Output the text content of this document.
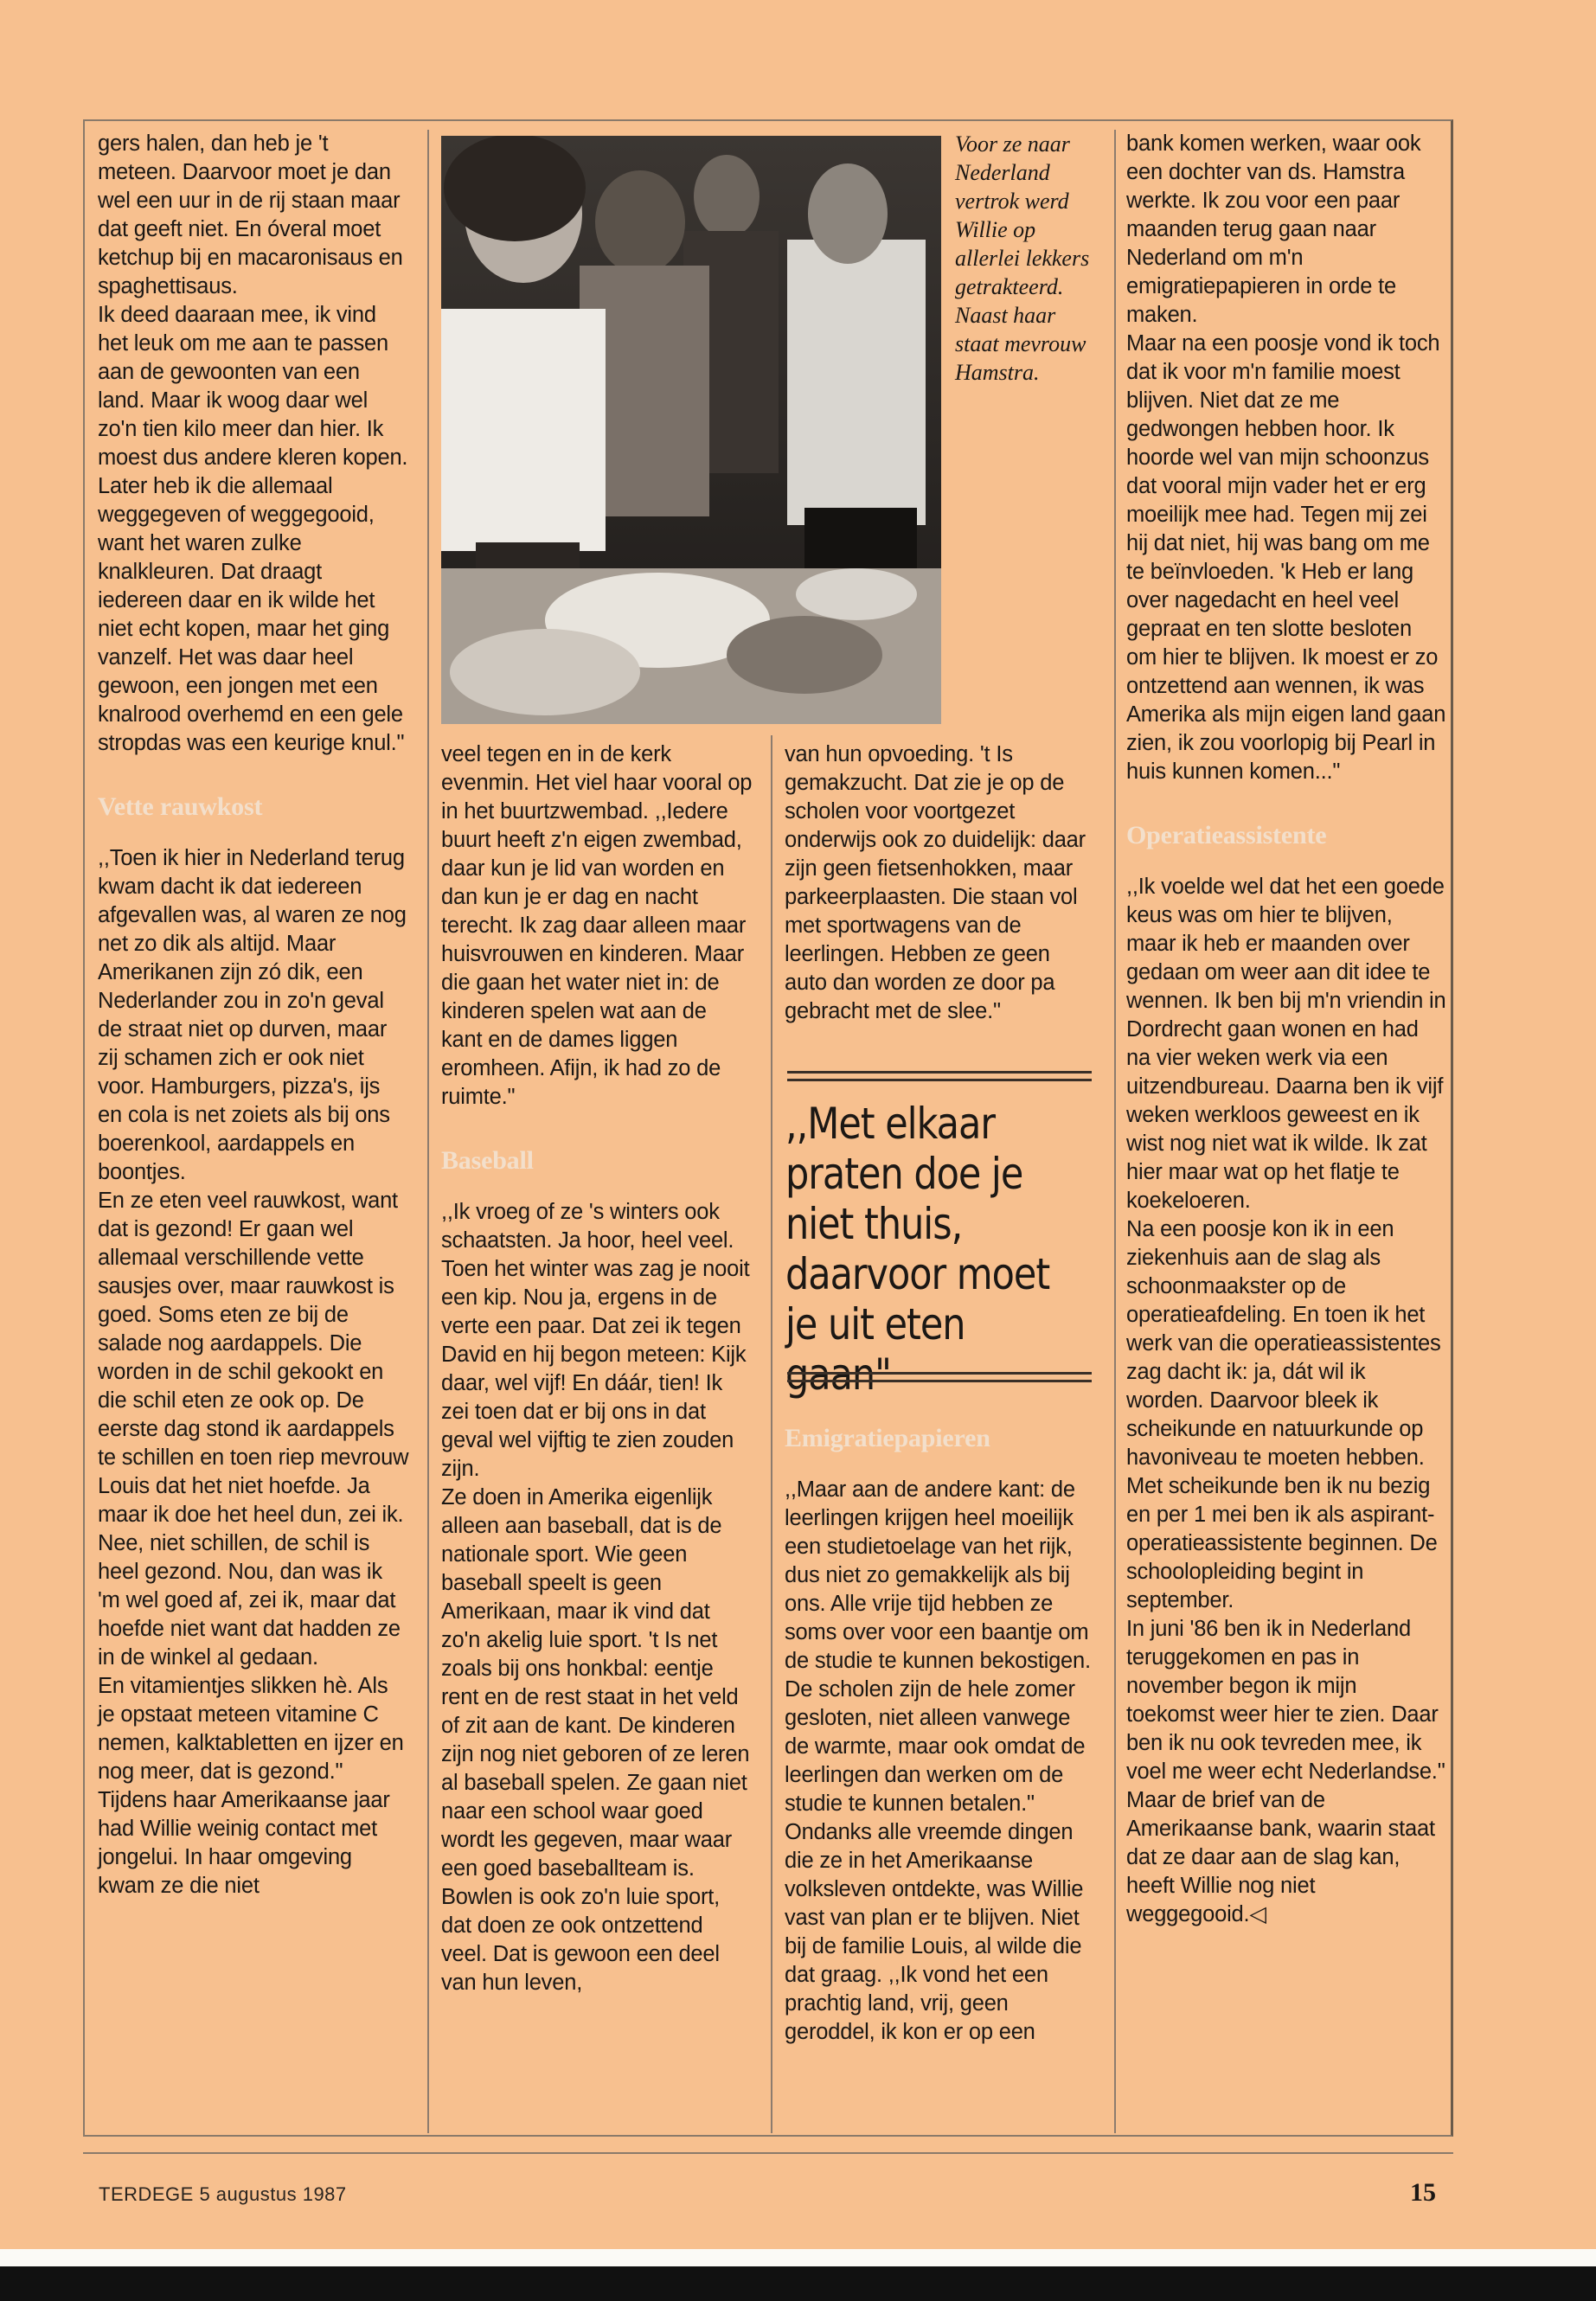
gers halen, dan heb je 't meteen. Daarvoor moet je dan wel een uur in de rij staan maar dat geeft niet. En óveral moet ketchup bij en macaronisaus en spaghettisaus.

Ik deed daaraan mee, ik vind het leuk om me aan te passen aan de gewoonten van een land. Maar ik woog daar wel zo'n tien kilo meer dan hier. Ik moest dus andere kleren kopen. Later heb ik die allemaal weggegeven of weggegooid, want het waren zulke knalkleuren. Dat draagt iedereen daar en ik wilde het niet echt kopen, maar het ging vanzelf. Het was daar heel gewoon, een jongen met een knalrood overhemd en een gele stropdas was een keurige knul."

Vette rauwkost

,,Toen ik hier in Nederland terug kwam dacht ik dat iedereen afgevallen was, al waren ze nog net zo dik als altijd. Maar Amerikanen zijn zó dik, een Nederlander zou in zo'n geval de straat niet op durven, maar zij schamen zich er ook niet voor. Hamburgers, pizza's, ijs en cola is net zoiets als bij ons boerenkool, aardappels en boontjes.

En ze eten veel rauwkost, want dat is gezond! Er gaan wel allemaal verschillende vette sausjes over, maar rauwkost is goed. Soms eten ze bij de salade nog aardappels. Die worden in de schil gekookt en die schil eten ze ook op. De eerste dag stond ik aardappels te schillen en toen riep mevrouw Louis dat het niet hoefde. Ja maar ik doe het heel dun, zei ik. Nee, niet schillen, de schil is heel gezond. Nou, dan was ik 'm wel goed af, zei ik, maar dat hoefde niet want dat hadden ze in de winkel al gedaan.

En vitamientjes slikken hè. Als je opstaat meteen vitamine C nemen, kalktabletten en ijzer en nog meer, dat is gezond."

Tijdens haar Amerikaanse jaar had Willie weinig contact met jongelui. In haar omgeving kwam ze die niet

Voor ze naar Nederland vertrok werd Willie op allerlei lekkers getrakteerd. Naast haar staat mevrouw Hamstra.

veel tegen en in de kerk evenmin. Het viel haar vooral op in het buurtzwembad. ,,Iedere buurt heeft z'n eigen zwembad, daar kun je lid van worden en dan kun je er dag en nacht terecht. Ik zag daar alleen maar huisvrouwen en kinderen. Maar die gaan het water niet in: de kinderen spelen wat aan de kant en de dames liggen eromheen. Afijn, ik had zo de ruimte."

Baseball

,,Ik vroeg of ze 's winters ook schaatsten. Ja hoor, heel veel. Toen het winter was zag je nooit een kip. Nou ja, ergens in de verte een paar. Dat zei ik tegen David en hij begon meteen: Kijk daar, wel vijf! En dáár, tien! Ik zei toen dat er bij ons in dat geval wel vijftig te zien zouden zijn.

Ze doen in Amerika eigenlijk alleen aan baseball, dat is de nationale sport. Wie geen baseball speelt is geen Amerikaan, maar ik vind dat zo'n akelig luie sport. 't Is net zoals bij ons honkbal: eentje rent en de rest staat in het veld of zit aan de kant. De kinderen zijn nog niet geboren of ze leren al baseball spelen. Ze gaan niet naar een school waar goed wordt les gegeven, maar waar een goed baseballteam is.

Bowlen is ook zo'n luie sport, dat doen ze ook ontzettend veel. Dat is gewoon een deel van hun leven,

van hun opvoeding. 't Is gemakzucht. Dat zie je op de scholen voor voortgezet onderwijs ook zo duidelijk: daar zijn geen fietsenhokken, maar parkeerplaasten. Die staan vol met sportwagens van de leerlingen. Hebben ze geen auto dan worden ze door pa gebracht met de slee."

,,Met elkaar praten doe je niet thuis, daarvoor moet je uit eten gaan"

Emigratiepapieren

,,Maar aan de andere kant: de leerlingen krijgen heel moeilijk een studietoelage van het rijk, dus niet zo gemakkelijk als bij ons. Alle vrije tijd hebben ze soms over voor een baantje om de studie te kunnen bekostigen. De scholen zijn de hele zomer gesloten, niet alleen vanwege de warmte, maar ook omdat de leerlingen dan werken om de studie te kunnen betalen."

Ondanks alle vreemde dingen die ze in het Amerikaanse volksleven ontdekte, was Willie vast van plan er te blijven. Niet bij de familie Louis, al wilde die dat graag. ,,Ik vond het een prachtig land, vrij, geen geroddel, ik kon er op een

bank komen werken, waar ook een dochter van ds. Hamstra werkte. Ik zou voor een paar maanden terug gaan naar Nederland om m'n emigratiepapieren in orde te maken.

Maar na een poosje vond ik toch dat ik voor m'n familie moest blijven. Niet dat ze me gedwongen hebben hoor. Ik hoorde wel van mijn schoonzus dat vooral mijn vader het er erg moeilijk mee had. Tegen mij zei hij dat niet, hij was bang om me te beïnvloeden. 'k Heb er lang over nagedacht en heel veel gepraat en ten slotte besloten om hier te blijven. Ik moest er zo ontzettend aan wennen, ik was Amerika als mijn eigen land gaan zien, ik zou voorlopig bij Pearl in huis kunnen komen..."

Operatieassistente

,,Ik voelde wel dat het een goede keus was om hier te blijven, maar ik heb er maanden over gedaan om weer aan dit idee te wennen. Ik ben bij m'n vriendin in Dordrecht gaan wonen en had na vier weken werk via een uitzendbureau. Daarna ben ik vijf weken werkloos geweest en ik wist nog niet wat ik wilde. Ik zat hier maar wat op het flatje te koekeloeren.

Na een poosje kon ik in een ziekenhuis aan de slag als schoonmaakster op de operatieafdeling. En toen ik het werk van die operatieassistentes zag dacht ik: ja, dát wil ik worden. Daarvoor bleek ik scheikunde en natuurkunde op havoniveau te moeten hebben. Met scheikunde ben ik nu bezig en per 1 mei ben ik als aspirant-operatieassistente beginnen. De schoolopleiding begint in september.

In juni '86 ben ik in Nederland teruggekomen en pas in november begon ik mijn toekomst weer hier te zien. Daar ben ik nu ook tevreden mee, ik voel me weer echt Nederlandse." Maar de brief van de Amerikaanse bank, waarin staat dat ze daar aan de slag kan, heeft Willie nog niet weggegooid.◁

TERDEGE 5 augustus 1987	15
